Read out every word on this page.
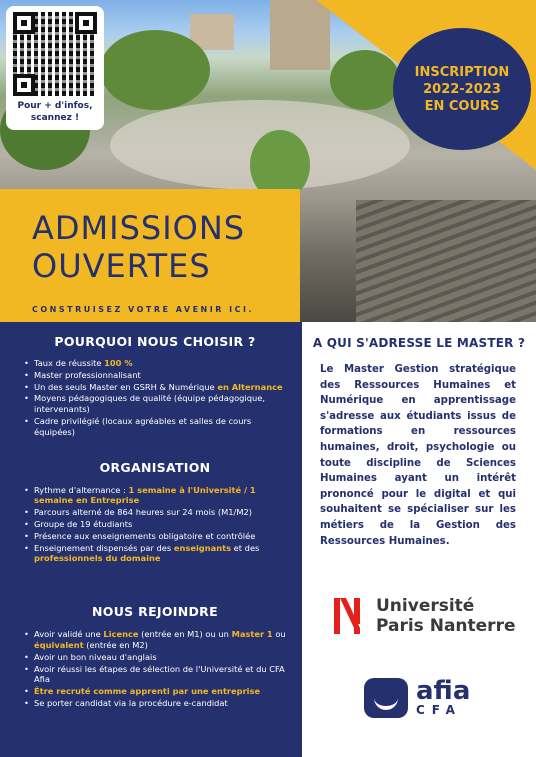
INSCRIPTION
2022-2023
EN COURS
Pour + d'infos,
scannez !
ADMISSIONS
OUVERTES
CONSTRUISEZ VOTRE AVENIR ICI.
POURQUOI NOUS CHOISIR ?
• Taux de réussite 100 %
• Master professionnalisant
• Un des seuls Master en GSRH & Numérique en Alternance
• Moyens pédagogiques de qualité (équipe pédagogique, intervenants)
• Cadre privilégié (locaux agréables et salles de cours équipées)
ORGANISATION
• Rythme d'alternance : 1 semaine à l'Université / 1 semaine en Entreprise
• Parcours alterné de 864 heures sur 24 mois (M1/M2)
• Groupe de 19 étudiants
• Présence aux enseignements obligatoire et contrôlée
• Enseignement dispensés par des enseignants et des professionnels du domaine
NOUS REJOINDRE
• Avoir validé une Licence (entrée en M1) ou un Master 1 ou équivalent (entrée en M2)
• Avoir un bon niveau d'anglais
• Avoir réussi les étapes de sélection de l'Université et du CFA Afia
• Être recruté comme apprenti par une entreprise
• Se porter candidat via la procédure e-candidat
A QUI S'ADRESSE LE MASTER ?
Le Master Gestion stratégique des Ressources Humaines et Numérique en apprentissage s'adresse aux étudiants issus de formations en ressources humaines, droit, psychologie ou toute discipline de Sciences Humaines ayant un intérêt prononcé pour le digital et qui souhaitent se spécialiser sur les métiers de la Gestion des Ressources Humaines.
Université
Paris Nanterre
afia
CFA
